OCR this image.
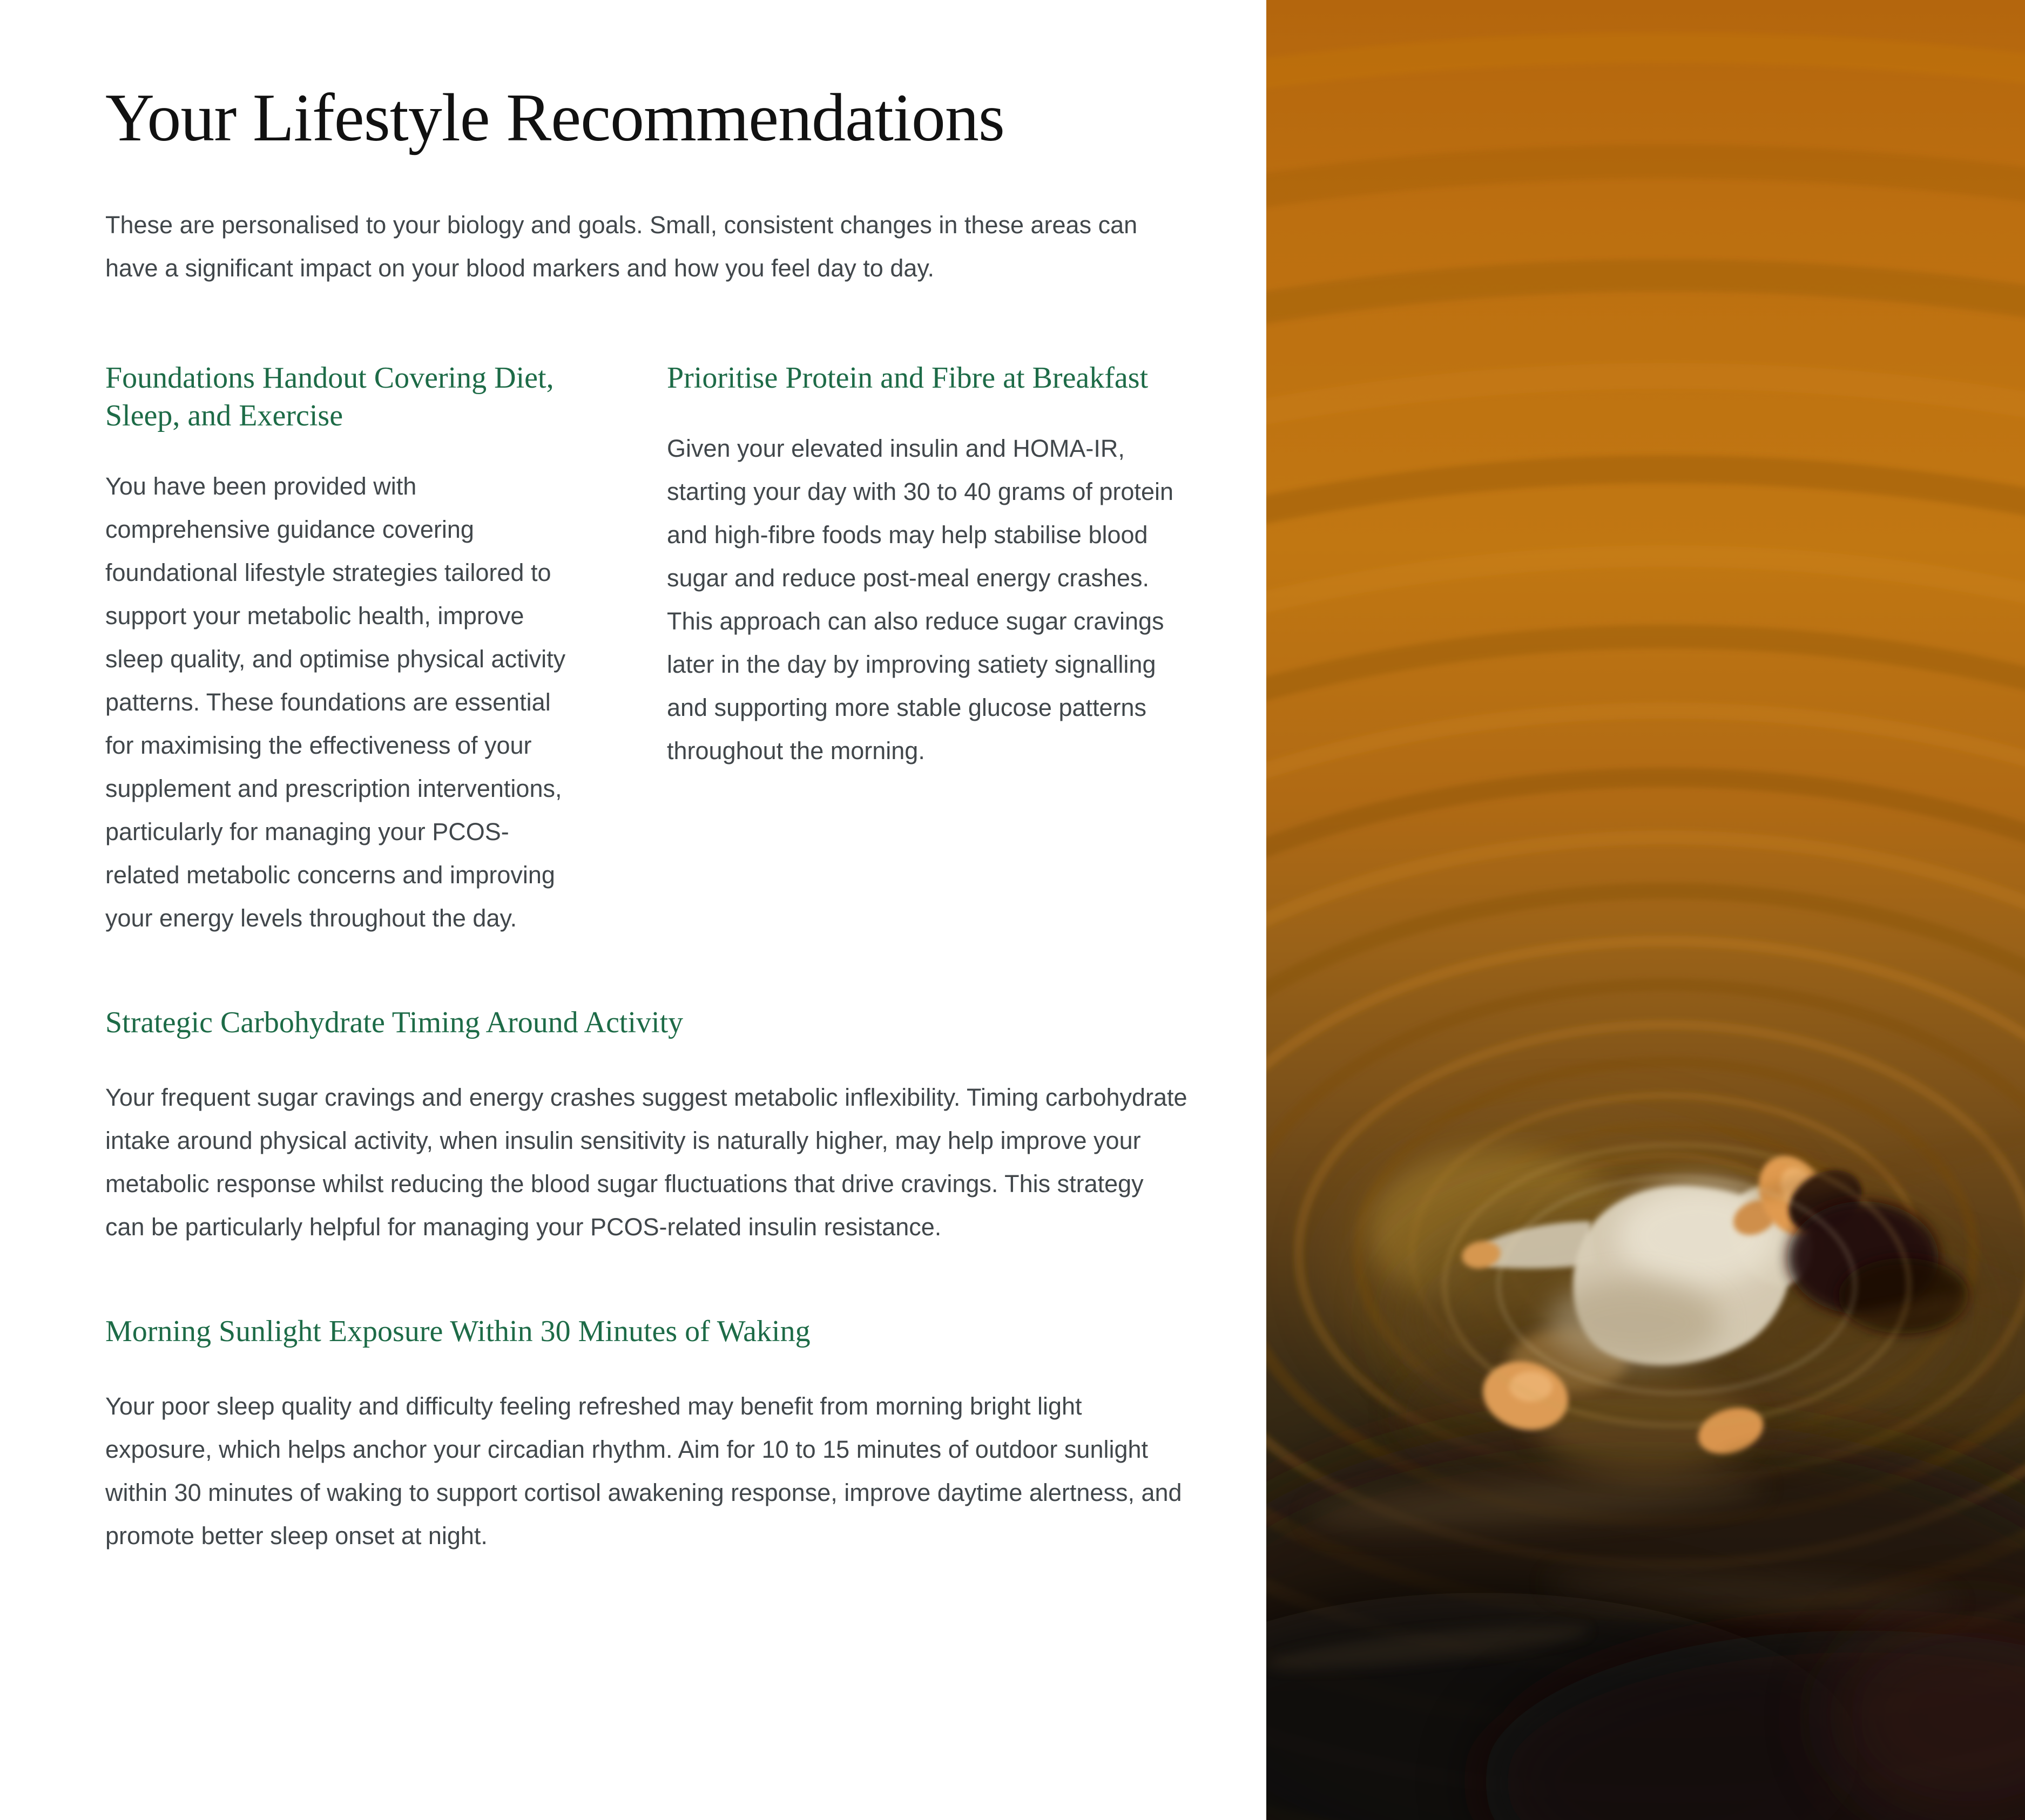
Your Lifestyle Recommendations

These are personalised to your biology and goals. Small, consistent changes in these areas can have a significant impact on your blood markers and how you feel day to day.

Foundations Handout Covering Diet, Sleep, and Exercise

You have been provided with comprehensive guidance covering foundational lifestyle strategies tailored to support your metabolic health, improve sleep quality, and optimise physical activity patterns. These foundations are essential for maximising the effectiveness of your supplement and prescription interventions, particularly for managing your PCOS-related metabolic concerns and improving your energy levels throughout the day.

Prioritise Protein and Fibre at Breakfast

Given your elevated insulin and HOMA-IR, starting your day with 30 to 40 grams of protein and high-fibre foods may help stabilise blood sugar and reduce post-meal energy crashes. This approach can also reduce sugar cravings later in the day by improving satiety signalling and supporting more stable glucose patterns throughout the morning.

Strategic Carbohydrate Timing Around Activity

Your frequent sugar cravings and energy crashes suggest metabolic inflexibility. Timing carbohydrate intake around physical activity, when insulin sensitivity is naturally higher, may help improve your metabolic response whilst reducing the blood sugar fluctuations that drive cravings. This strategy can be particularly helpful for managing your PCOS-related insulin resistance.

Morning Sunlight Exposure Within 30 Minutes of Waking

Your poor sleep quality and difficulty feeling refreshed may benefit from morning bright light exposure, which helps anchor your circadian rhythm. Aim for 10 to 15 minutes of outdoor sunlight within 30 minutes of waking to support cortisol awakening response, improve daytime alertness, and promote better sleep onset at night.
